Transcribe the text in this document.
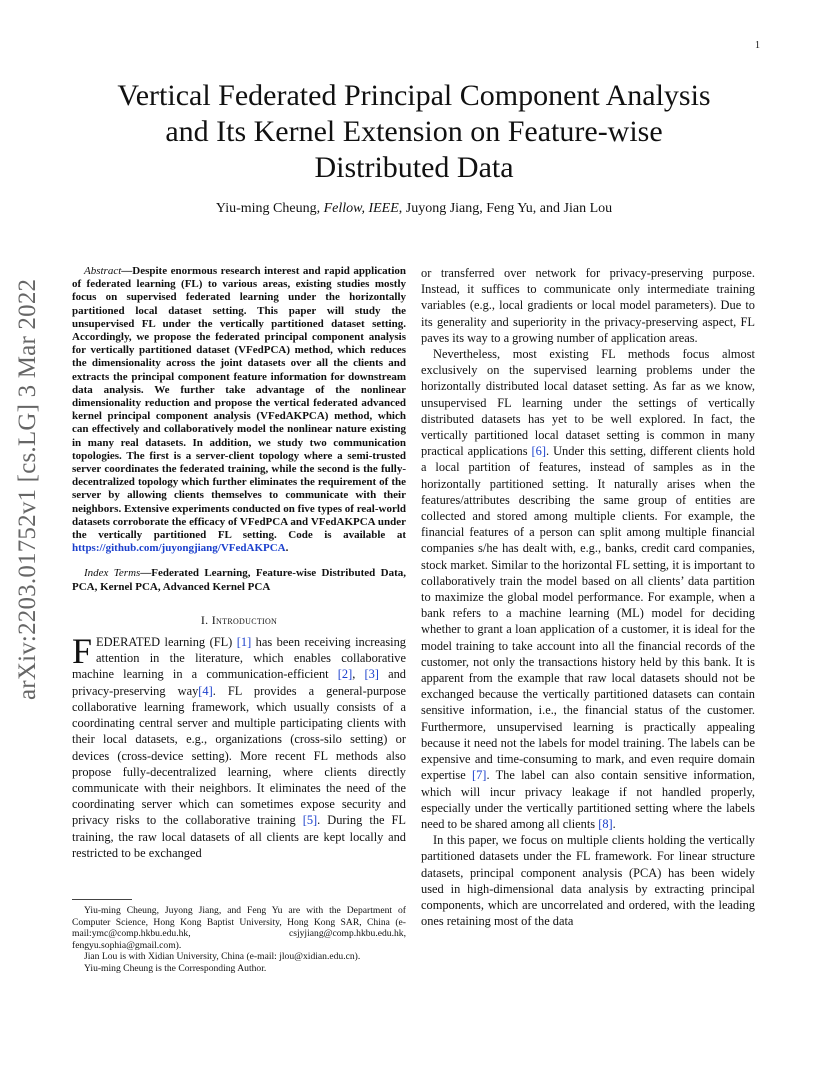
1
arXiv:2203.01752v1 [cs.LG] 3 Mar 2022
Vertical Federated Principal Component Analysis
and Its Kernel Extension on Feature-wise
Distributed Data
Yiu-ming Cheung, Fellow, IEEE, Juyong Jiang, Feng Yu, and Jian Lou

Abstract—Despite enormous research interest and rapid application of federated learning (FL) to various areas, existing studies mostly focus on supervised federated learning under the horizontally partitioned local dataset setting. This paper will study the unsupervised FL under the vertically partitioned dataset setting. Accordingly, we propose the federated principal component analysis for vertically partitioned dataset (VFedPCA) method, which reduces the dimensionality across the joint datasets over all the clients and extracts the principal component feature information for downstream data analysis. We further take advantage of the nonlinear dimensionality reduction and propose the vertical federated advanced kernel principal component analysis (VFedAKPCA) method, which can effectively and collaboratively model the nonlinear nature existing in many real datasets. In addition, we study two communication topologies. The first is a server-client topology where a semi-trusted server coordinates the federated training, while the second is the fully-decentralized topology which further eliminates the requirement of the server by allowing clients themselves to communicate with their neighbors. Extensive experiments conducted on five types of real-world datasets corroborate the efficacy of VFedPCA and VFedAKPCA under the vertically partitioned FL setting. Code is available at https://github.com/juyongjiang/VFedAKPCA.

Index Terms—Federated Learning, Feature-wise Distributed Data, PCA, Kernel PCA, Advanced Kernel PCA

I. Introduction

FEDERATED learning (FL) [1] has been receiving increasing attention in the literature, which enables collaborative machine learning in a communication-efficient [2], [3] and privacy-preserving way[4]. FL provides a general-purpose collaborative learning framework, which usually consists of a coordinating central server and multiple participating clients with their local datasets, e.g., organizations (cross-silo setting) or devices (cross-device setting). More recent FL methods also propose fully-decentralized learning, where clients directly communicate with their neighbors. It eliminates the need of the coordinating server which can sometimes expose security and privacy risks to the collaborative training [5]. During the FL training, the raw local datasets of all clients are kept locally and restricted to be exchanged

Yiu-ming Cheung, Juyong Jiang, and Feng Yu are with the Department of Computer Science, Hong Kong Baptist University, Hong Kong SAR, China (e-mail:ymc@comp.hkbu.edu.hk, csjyjiang@comp.hkbu.edu.hk, fengyu.sophia@gmail.com).

Jian Lou is with Xidian University, China (e-mail: jlou@xidian.edu.cn).

Yiu-ming Cheung is the Corresponding Author.

or transferred over network for privacy-preserving purpose. Instead, it suffices to communicate only intermediate training variables (e.g., local gradients or local model parameters). Due to its generality and superiority in the privacy-preserving aspect, FL paves its way to a growing number of application areas.

Nevertheless, most existing FL methods focus almost exclusively on the supervised learning problems under the horizontally distributed local dataset setting. As far as we know, unsupervised FL learning under the settings of vertically distributed datasets has yet to be well explored. In fact, the vertically partitioned local dataset setting is common in many practical applications [6]. Under this setting, different clients hold a local partition of features, instead of samples as in the horizontally partitioned setting. It naturally arises when the features/attributes describing the same group of entities are collected and stored among multiple clients. For example, the financial features of a person can split among multiple financial companies s/he has dealt with, e.g., banks, credit card companies, stock market. Similar to the horizontal FL setting, it is important to collaboratively train the model based on all clients’ data partition to maximize the global model performance. For example, when a bank refers to a machine learning (ML) model for deciding whether to grant a loan application of a customer, it is ideal for the model training to take account into all the financial records of the customer, not only the transactions history held by this bank. It is apparent from the example that raw local datasets should not be exchanged because the vertically partitioned datasets can contain sensitive information, i.e., the financial status of the customer. Furthermore, unsupervised learning is practically appealing because it need not the labels for model training. The labels can be expensive and time-consuming to mark, and even require domain expertise [7]. The label can also contain sensitive information, which will incur privacy leakage if not handled properly, especially under the vertically partitioned setting where the labels need to be shared among all clients [8].

In this paper, we focus on multiple clients holding the vertically partitioned datasets under the FL framework. For linear structure datasets, principal component analysis (PCA) has been widely used in high-dimensional data analysis by extracting principal components, which are uncorrelated and ordered, with the leading ones retaining most of the data
